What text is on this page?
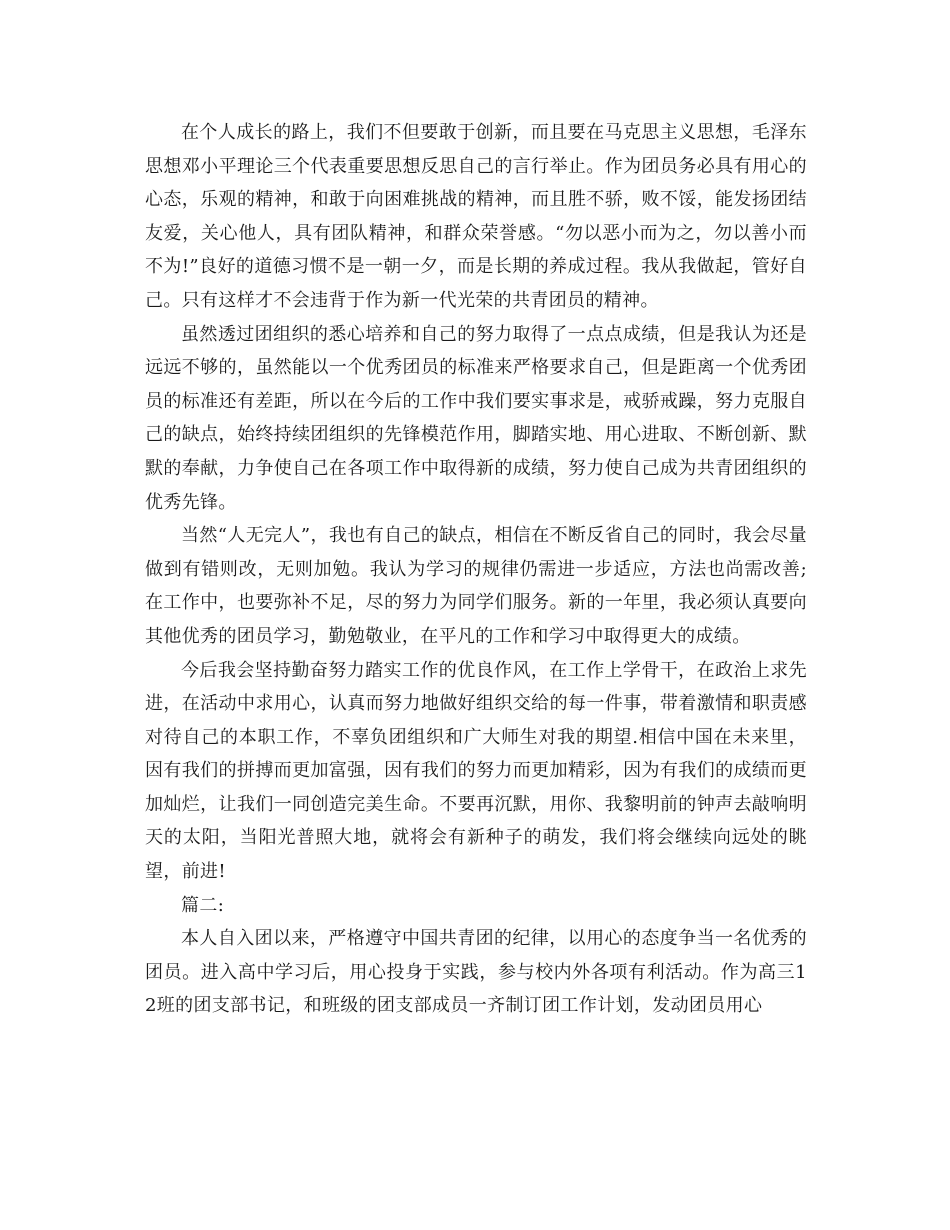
在个人成长的路上，我们不但要敢于创新，而且要在马克思主义思想，毛泽东思想邓小平理论三个代表重要思想反思自己的言行举止。作为团员务必具有用心的心态，乐观的精神，和敢于向困难挑战的精神，而且胜不骄，败不馁，能发扬团结友爱，关心他人，具有团队精神，和群众荣誉感。“勿以恶小而为之，勿以善小而不为!”良好的道德习惯不是一朝一夕，而是长期的养成过程。我从我做起，管好自己。只有这样才不会违背于作为新一代光荣的共青团员的精神。

虽然透过团组织的悉心培养和自己的努力取得了一点点成绩，但是我认为还是远远不够的，虽然能以一个优秀团员的标准来严格要求自己，但是距离一个优秀团员的标准还有差距，所以在今后的工作中我们要实事求是，戒骄戒躁，努力克服自己的缺点，始终持续团组织的先锋模范作用，脚踏实地、用心进取、不断创新、默默的奉献，力争使自己在各项工作中取得新的成绩，努力使自己成为共青团组织的优秀先锋。

当然“人无完人”，我也有自己的缺点，相信在不断反省自己的同时，我会尽量做到有错则改，无则加勉。我认为学习的规律仍需进一步适应，方法也尚需改善;在工作中，也要弥补不足，尽的努力为同学们服务。新的一年里，我必须认真要向其他优秀的团员学习，勤勉敬业，在平凡的工作和学习中取得更大的成绩。

今后我会坚持勤奋努力踏实工作的优良作风，在工作上学骨干，在政治上求先进，在活动中求用心，认真而努力地做好组织交给的每一件事，带着激情和职责感对待自己的本职工作，不辜负团组织和广大师生对我的期望.相信中国在未来里，因有我们的拼搏而更加富强，因有我们的努力而更加精彩，因为有我们的成绩而更加灿烂，让我们一同创造完美生命。不要再沉默，用你、我黎明前的钟声去敲响明天的太阳，当阳光普照大地，就将会有新种子的萌发，我们将会继续向远处的眺望，前进!

篇二:

本人自入团以来，严格遵守中国共青团的纪律，以用心的态度争当一名优秀的团员。进入高中学习后，用心投身于实践，参与校内外各项有利活动。作为高三12班的团支部书记，和班级的团支部成员一齐制订团工作计划，发动团员用心
